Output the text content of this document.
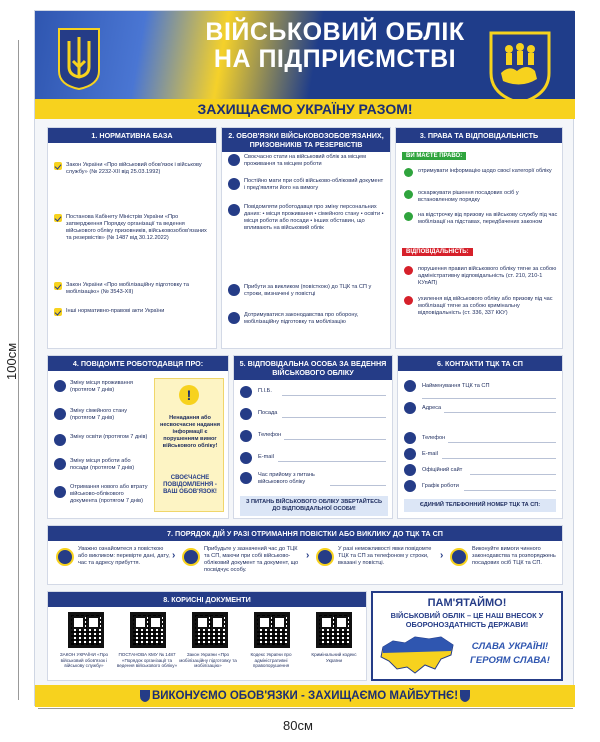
100см
80см
ВІЙСЬКОВИЙ ОБЛІК
НА ПІДПРИЄМСТВІ
ЗАХИЩАЄМО УКРАЇНУ РАЗОМ!
1. НОРМАТИВНА БАЗА
Закон України «Про військовий обов'язок і військову службу» (№ 2232-XII від 25.03.1992)
Постанова Кабінету Міністрів України «Про затвердження Порядку організації та ведення військового обліку призовників, військовозобов'язаних та резервістів» (№ 1487 від 30.12.2022)
Закон України «Про мобілізаційну підготовку та мобілізацію» (№ 3543-XII)
Інші нормативно-правові акти України
2. ОБОВ'ЯЗКИ ВІЙСЬКОВОЗОБОВ'ЯЗАНИХ, ПРИЗОВНИКІВ ТА РЕЗЕРВІСТІВ
Своєчасно стати на військовий облік за місцем проживання та місцем роботи
Постійно мати при собі військово-обліковий документ і пред'являти його на вимогу
Повідомляти роботодавця про зміну персональних даних: • місця проживання • сімейного стану • освіти • місця роботи або посади • інших обставин, що впливають на військовий облік
Прибути за викликом (повісткою) до ТЦК та СП у строки, визначені у повістці
Дотримуватися законодавства про оборону, мобілізаційну підготовку та мобілізацію
3. ПРАВА ТА ВІДПОВІДАЛЬНІСТЬ
ВИ МАЄТЕ ПРАВО:
отримувати інформацію щодо своєї категорії обліку
оскаржувати рішення посадових осіб у встановленому порядку
на відстрочку від призову на військову службу під час мобілізації на підставах, передбачених законом
ВІДПОВІДАЛЬНІСТЬ:
порушення правил військового обліку тягне за собою адміністративну відповідальність (ст. 210, 210-1 КУпАП)
ухилення від військового обліку або призову під час мобілізації тягне за собою кримінальну відповідальність (ст. 336, 337 ККУ)
4. ПОВІДОМТЕ РОБОТОДАВЦЯ ПРО:
Зміну місця проживання (протягом 7 днів)
Зміну сімейного стану (протягом 7 днів)
Зміну освіти (протягом 7 днів)
Зміну місця роботи або посади (протягом 7 днів)
Отримання нового або втрату військово-облікового документа (протягом 7 днів)
!
Ненадання або несвоєчасне надання інформації є порушенням вимог військового обліку!
СВОЄЧАСНЕ ПОВІДОМЛЕННЯ - ВАШ ОБОВ'ЯЗОК!
5. ВІДПОВІДАЛЬНА ОСОБА ЗА ВЕДЕННЯ ВІЙСЬКОВОГО ОБЛІКУ
П.І.Б.
Посада
Телефон
E-mail
Час прийому з питань військового обліку
З ПИТАНЬ ВІЙСЬКОВОГО ОБЛІКУ ЗВЕРТАЙТЕСЬ ДО ВІДПОВІДАЛЬНОЇ ОСОБИ!
6. КОНТАКТИ ТЦК ТА СП
Найменування ТЦК та СП
Адреса
Телефон
E-mail
Офіційний сайт
Графік роботи
ЄДИНИЙ ТЕЛЕФОННИЙ НОМЕР ТЦК ТА СП:
7. ПОРЯДОК ДІЙ У РАЗІ ОТРИМАННЯ ПОВІСТКИ АБО ВИКЛИКУ ДО ТЦК ТА СП
Уважно ознайомтеся з повісткою або викликом: перевірте дані, дату, час та адресу прибуття.
›
Прибудьте у зазначений час до ТЦК та СП, маючи при собі військово-обліковий документ та документ, що посвідчує особу.
›
У разі неможливості явки повідомте ТЦК та СП за телефоном у строки, вказані у повістці.
›
Виконуйте вимоги чинного законодавства та розпоряджень посадових осіб ТЦК та СП.
8. КОРИСНІ ДОКУМЕНТИ
ЗАКОН УКРАЇНИ «Про військовий обов'язок і військову службу»
ПОСТАНОВА КМУ № 1487 «Порядок організації та ведення військового обліку»
Закон України «Про мобілізаційну підготовку та мобілізацію»
Кодекс України про адміністративні правопорушення
Кримінальний кодекс України
ПАМ'ЯТАЙМО!
ВІЙСЬКОВИЙ ОБЛІК – ЦЕ НАШ ВНЕСОК У ОБОРОНОЗДАТНІСТЬ ДЕРЖАВИ!
СЛАВА УКРАЇНІ!
ГЕРОЯМ СЛАВА!
ВИКОНУЄМО ОБОВ'ЯЗКИ - ЗАХИЩАЄМО МАЙБУТНЄ!
